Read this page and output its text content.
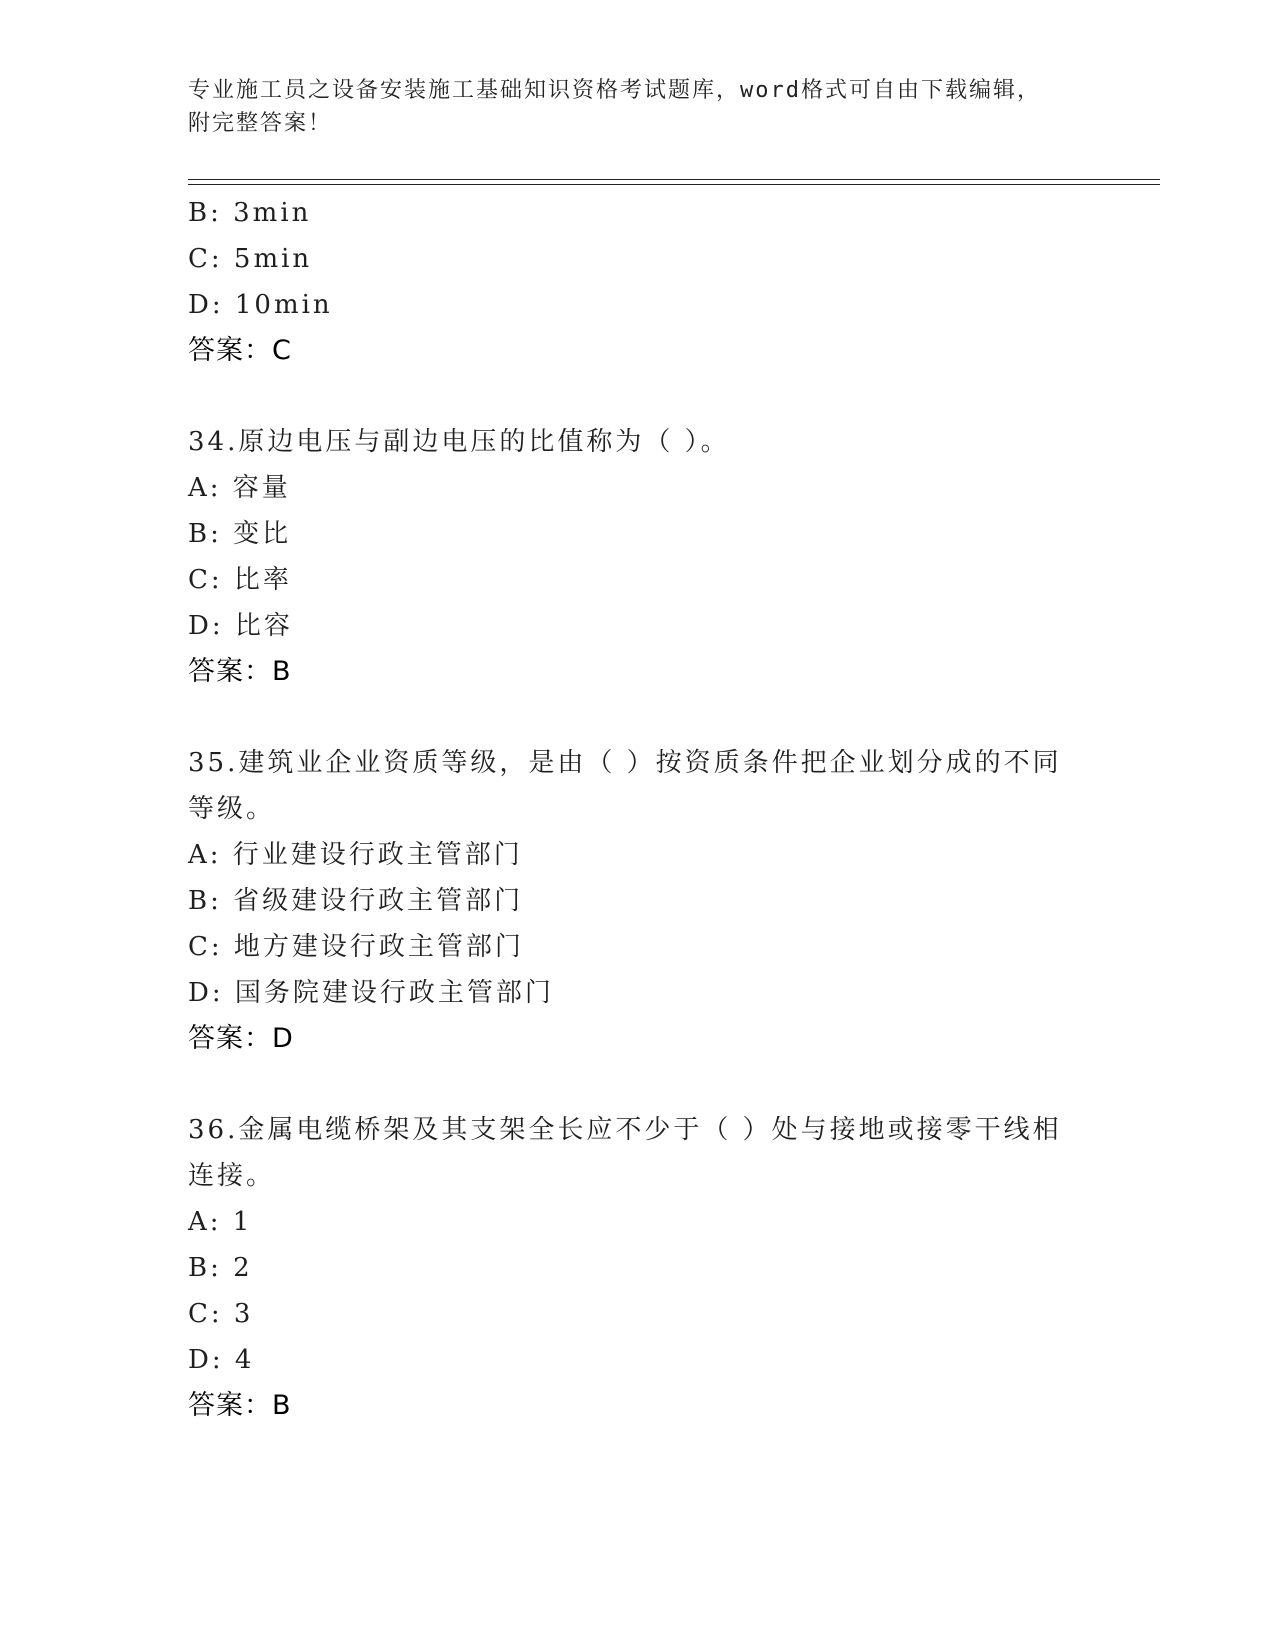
专业施工员之设备安装施工基础知识资格考试题库，word格式可自由下载编辑，
附完整答案！
B: 3min
C: 5min
D: 10min
答案：C
34.原边电压与副边电压的比值称为（ ）。
A: 容量
B: 变比
C: 比率
D: 比容
答案：B
35.建筑业企业资质等级，是由（ ）按资质条件把企业划分成的不同
等级。
A: 行业建设行政主管部门
B: 省级建设行政主管部门
C: 地方建设行政主管部门
D: 国务院建设行政主管部门
答案：D
36.金属电缆桥架及其支架全长应不少于（ ）处与接地或接零干线相
连接。
A: 1
B: 2
C: 3
D: 4
答案：B
